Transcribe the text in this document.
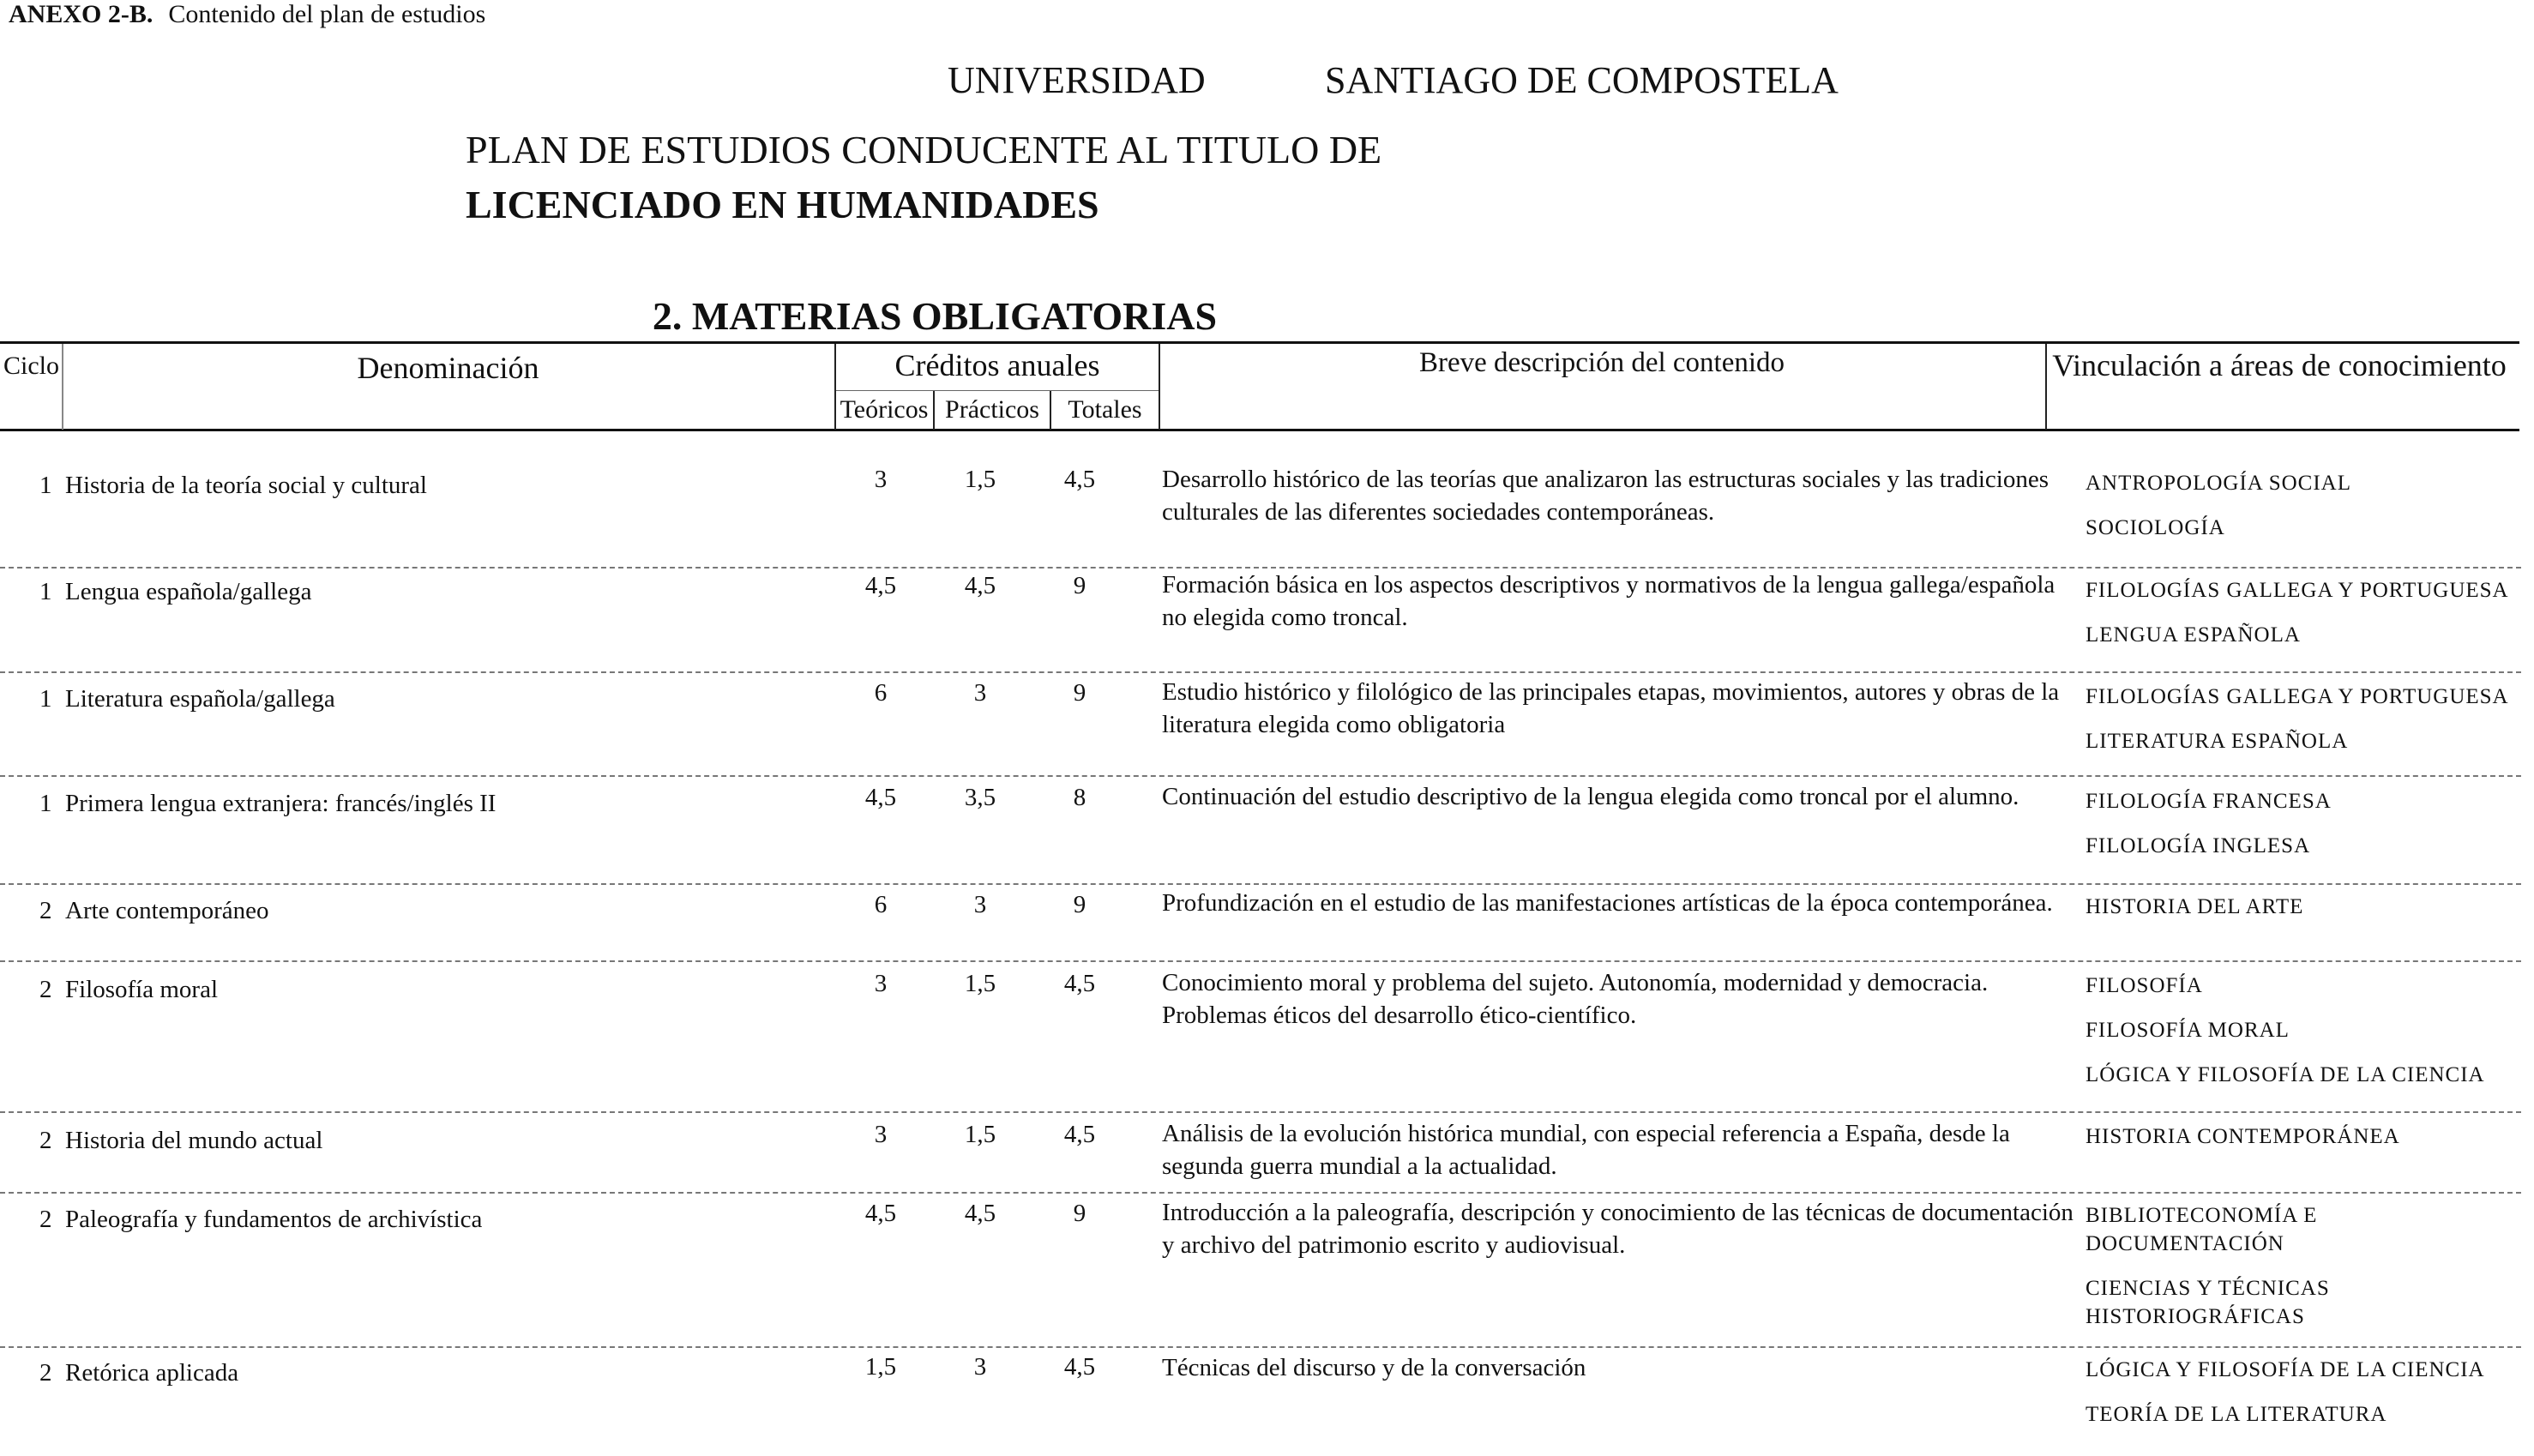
ANEXO 2-B. Contenido del plan de estudios
UNIVERSIDAD	SANTIAGO DE COMPOSTELA
PLAN DE ESTUDIOS CONDUCENTE AL TITULO DE
LICENCIADO EN HUMANIDADES
2. MATERIAS OBLIGATORIAS
Ciclo	Denominación	Créditos anuales
Teóricos Prácticos	Totales
Breve descripción del contenido	Vinculación a áreas de conocimiento
1 Historia de la teoría social y cultural	3	1,5	4,5	Desarrollo histórico de las teorías que analizaron las estructuras sociales y las tradiciones culturales de las diferentes sociedades contemporáneas.
ANTROPOLOGÍA SOCIAL
SOCIOLOGÍA
1 Lengua española/gallega	4,5	4,5	9	Formación básica en los aspectos descriptivos y normativos de la lengua gallega/española no elegida como troncal.
FILOLOGÍAS GALLEGA Y PORTUGUESA
LENGUA ESPAÑOLA
1 Literatura española/gallega	6	3	9	Estudio histórico y filológico de las principales etapas, movimientos, autores y obras de la literatura elegida como obligatoria
FILOLOGÍAS GALLEGA Y PORTUGUESA
LITERATURA ESPAÑOLA
1 Primera lengua extranjera: francés/inglés II	4,5	3,5	8	Continuación del estudio descriptivo de la lengua elegida como troncal por el alumno.	FILOLOGÍA FRANCESA
FILOLOGÍA INGLESA
2 Arte contemporáneo	6	3	9	Profundización en el estudio de las manifestaciones artísticas de la época contemporánea.	HISTORIA DEL ARTE
2 Filosofía moral	3	1,5	4,5	Conocimiento moral y problema del sujeto. Autonomía, modernidad y democracia. Problemas éticos del desarrollo ético-científico.
FILOSOFÍA
FILOSOFÍA MORAL
LÓGICA Y FILOSOFÍA DE LA CIENCIA
2 Historia del mundo actual	3	1,5	4,5	Análisis de la evolución histórica mundial, con especial referencia a España, desde la segunda guerra mundial a la actualidad.
HISTORIA CONTEMPORÁNEA
2 Paleografía y fundamentos de archivística	4,5	4,5	9	Introducción a la paleografía, descripción y conocimiento de las técnicas de documentación y archivo del patrimonio escrito y audiovisual.
BIBLIOTECONOMÍA E DOCUMENTACIÓN
CIENCIAS Y TÉCNICAS HISTORIOGRÁFICAS
2 Retórica aplicada	1,5	3	4,5	Técnicas del discurso y de la conversación	LÓGICA Y FILOSOFÍA DE LA CIENCIA
TEORÍA DE LA LITERATURA
